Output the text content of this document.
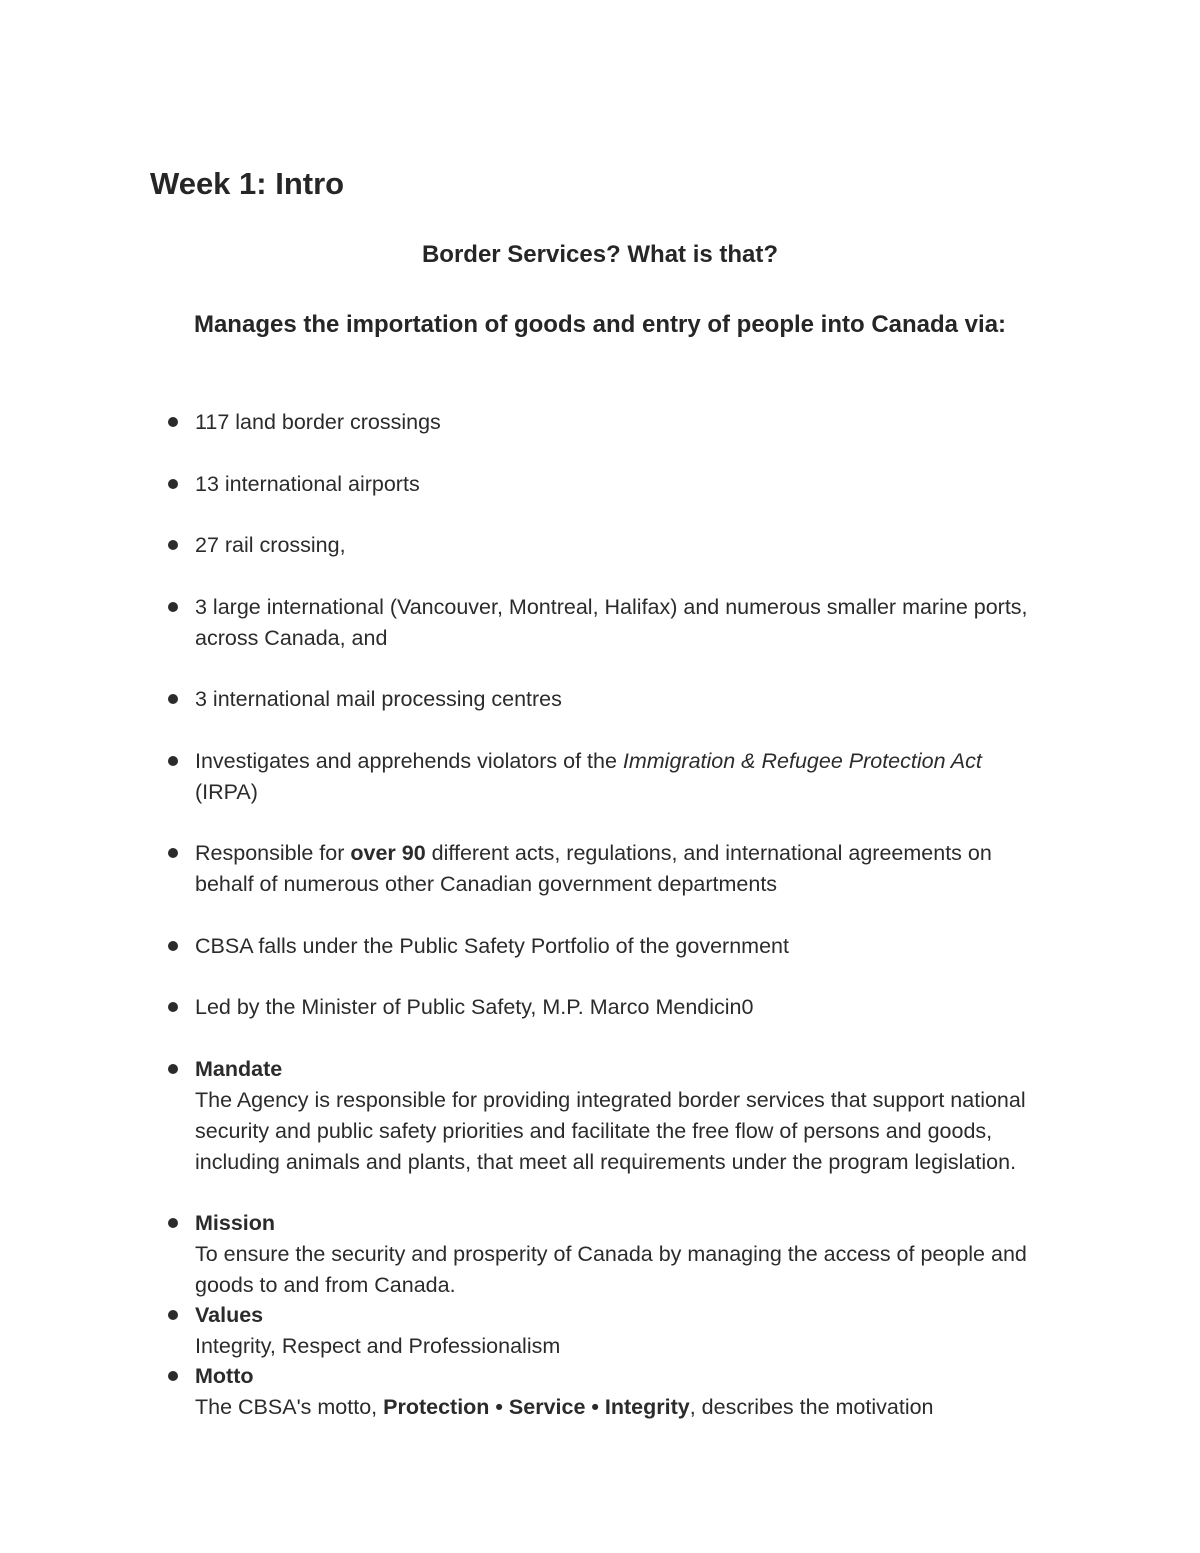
Week 1: Intro
Border Services? What is that?
Manages the importation of goods and entry of people into Canada via:
117 land border crossings
13 international airports
27 rail crossing,
3 large international (Vancouver, Montreal, Halifax) and numerous smaller marine ports, across Canada, and
3 international mail processing centres
Investigates and apprehends violators of the Immigration & Refugee Protection Act (IRPA)
Responsible for over 90 different acts, regulations, and international agreements on behalf of numerous other Canadian government departments
CBSA falls under the Public Safety Portfolio of the government
Led by the Minister of Public Safety, M.P. Marco Mendicin0
Mandate
The Agency is responsible for providing integrated border services that support national security and public safety priorities and facilitate the free flow of persons and goods, including animals and plants, that meet all requirements under the program legislation.
Mission
To ensure the security and prosperity of Canada by managing the access of people and goods to and from Canada.
Values
Integrity, Respect and Professionalism
Motto
The CBSA's motto, Protection • Service • Integrity, describes the motivation
